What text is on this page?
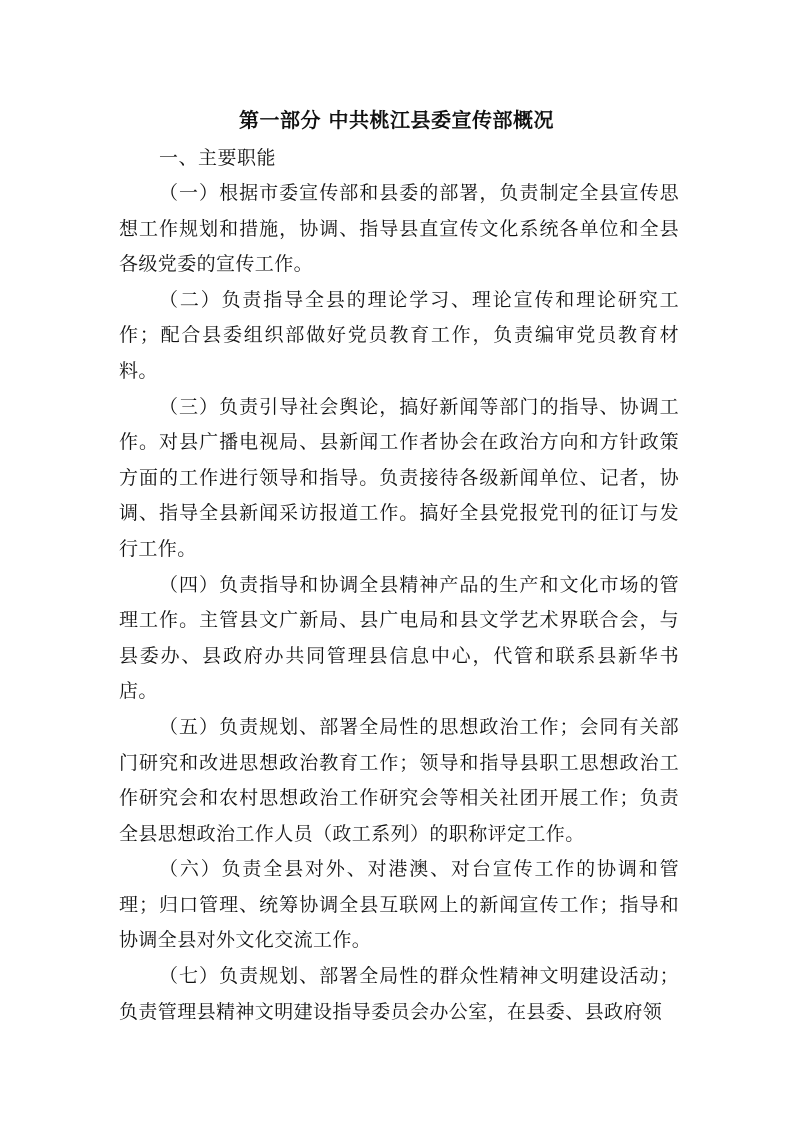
第一部分 中共桃江县委宣传部概况

一、主要职能

（一）根据市委宣传部和县委的部署，负责制定全县宣传思想工作规划和措施，协调、指导县直宣传文化系统各单位和全县各级党委的宣传工作。

（二）负责指导全县的理论学习、理论宣传和理论研究工作；配合县委组织部做好党员教育工作，负责编审党员教育材料。

（三）负责引导社会舆论，搞好新闻等部门的指导、协调工作。对县广播电视局、县新闻工作者协会在政治方向和方针政策方面的工作进行领导和指导。负责接待各级新闻单位、记者，协调、指导全县新闻采访报道工作。搞好全县党报党刊的征订与发行工作。

（四）负责指导和协调全县精神产品的生产和文化市场的管理工作。主管县文广新局、县广电局和县文学艺术界联合会，与县委办、县政府办共同管理县信息中心，代管和联系县新华书店。

（五）负责规划、部署全局性的思想政治工作；会同有关部门研究和改进思想政治教育工作；领导和指导县职工思想政治工作研究会和农村思想政治工作研究会等相关社团开展工作；负责全县思想政治工作人员（政工系列）的职称评定工作。

（六）负责全县对外、对港澳、对台宣传工作的协调和管理；归口管理、统筹协调全县互联网上的新闻宣传工作；指导和协调全县对外文化交流工作。

（七）负责规划、部署全局性的群众性精神文明建设活动；负责管理县精神文明建设指导委员会办公室，在县委、县政府领
